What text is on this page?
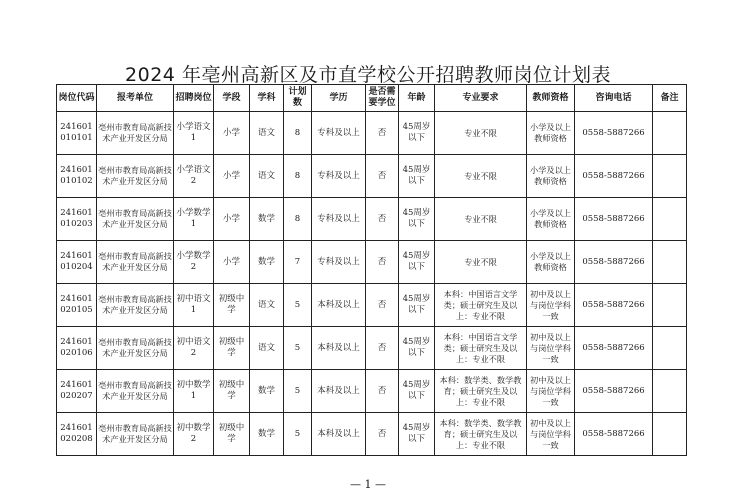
2024 年亳州高新区及市直学校公开招聘教师岗位计划表
岗位代码	报考单位	招聘岗位	学段	学科	计划数	学历	是否需要学位	年龄	专业要求	教师资格	咨询电话	备注
241601010101	亳州市教育局高新技术产业开发区分局	小学语文1	小学	语文	8	专科及以上	否	45周岁以下	专业不限	小学及以上教师资格	0558-5887266	
241601010102	亳州市教育局高新技术产业开发区分局	小学语文2	小学	语文	8	专科及以上	否	45周岁以下	专业不限	小学及以上教师资格	0558-5887266	
241601010203	亳州市教育局高新技术产业开发区分局	小学数学1	小学	数学	8	专科及以上	否	45周岁以下	专业不限	小学及以上教师资格	0558-5887266	
241601010204	亳州市教育局高新技术产业开发区分局	小学数学2	小学	数学	7	专科及以上	否	45周岁以下	专业不限	小学及以上教师资格	0558-5887266	
241601020105	亳州市教育局高新技术产业开发区分局	初中语文1	初级中学	语文	5	本科及以上	否	45周岁以下	本科：中国语言文学类；硕士研究生及以上：专业不限	初中及以上与岗位学科一致	0558-5887266	
241601020106	亳州市教育局高新技术产业开发区分局	初中语文2	初级中学	语文	5	本科及以上	否	45周岁以下	本科：中国语言文学类；硕士研究生及以上：专业不限	初中及以上与岗位学科一致	0558-5887266	
241601020207	亳州市教育局高新技术产业开发区分局	初中数学1	初级中学	数学	5	本科及以上	否	45周岁以下	本科：数学类、数学教育；硕士研究生及以上：专业不限	初中及以上与岗位学科一致	0558-5887266	
241601020208	亳州市教育局高新技术产业开发区分局	初中数学2	初级中学	数学	5	本科及以上	否	45周岁以下	本科：数学类、数学教育；硕士研究生及以上：专业不限	初中及以上与岗位学科一致	0558-5887266	
— 1 —
